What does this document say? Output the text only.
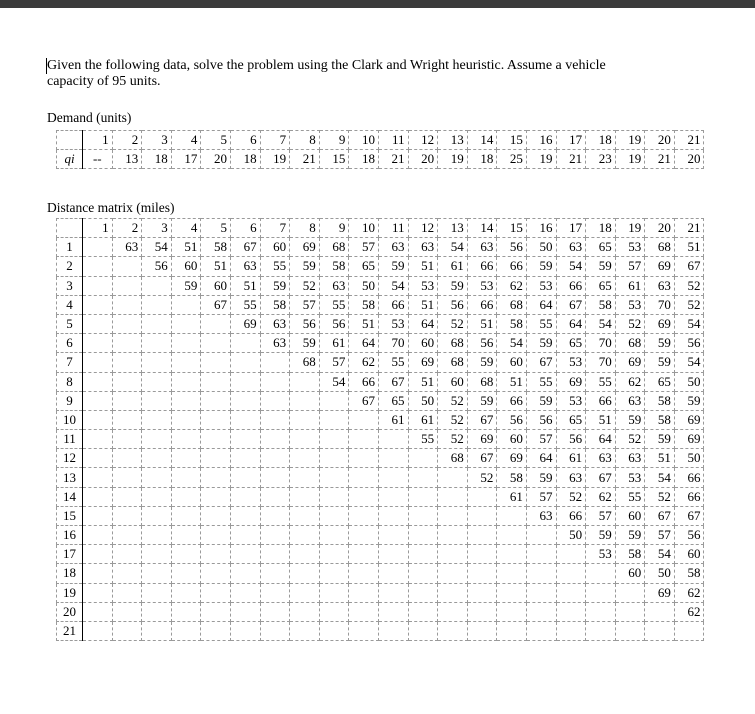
Given the following data, solve the problem using the Clark and Wright heuristic. Assume a vehicle capacity of 95 units.
Demand (units)
	1	2	3	4	5	6	7	8	9	10	11	12	13	14	15	16	17	18	19	20	21
qi	--	13	18	17	20	18	19	21	15	18	21	20	19	18	25	19	21	23	19	21	20
Distance matrix (miles)
	1	2	3	4	5	6	7	8	9	10	11	12	13	14	15	16	17	18	19	20	21
1		63	54	51	58	67	60	69	68	57	63	63	54	63	56	50	63	65	53	68	51
2			56	60	51	63	55	59	58	65	59	51	61	66	66	59	54	59	57	69	67
3				59	60	51	59	52	63	50	54	53	59	53	62	53	66	65	61	63	52
4					67	55	58	57	55	58	66	51	56	66	68	64	67	58	53	70	52
5						69	63	56	56	51	53	64	52	51	58	55	64	54	52	69	54
6							63	59	61	64	70	60	68	56	54	59	65	70	68	59	56
7								68	57	62	55	69	68	59	60	67	53	70	69	59	54
8									54	66	67	51	60	68	51	55	69	55	62	65	50
9										67	65	50	52	59	66	59	53	66	63	58	59
10											61	61	52	67	56	56	65	51	59	58	69
11												55	52	69	60	57	56	64	52	59	69
12													68	67	69	64	61	63	63	51	50
13														52	58	59	63	67	53	54	66
14															61	57	52	62	55	52	66
15																63	66	57	60	67	67
16																	50	59	59	57	56
17																		53	58	54	60
18																			60	50	58
19																				69	62
20																					62
21																					
